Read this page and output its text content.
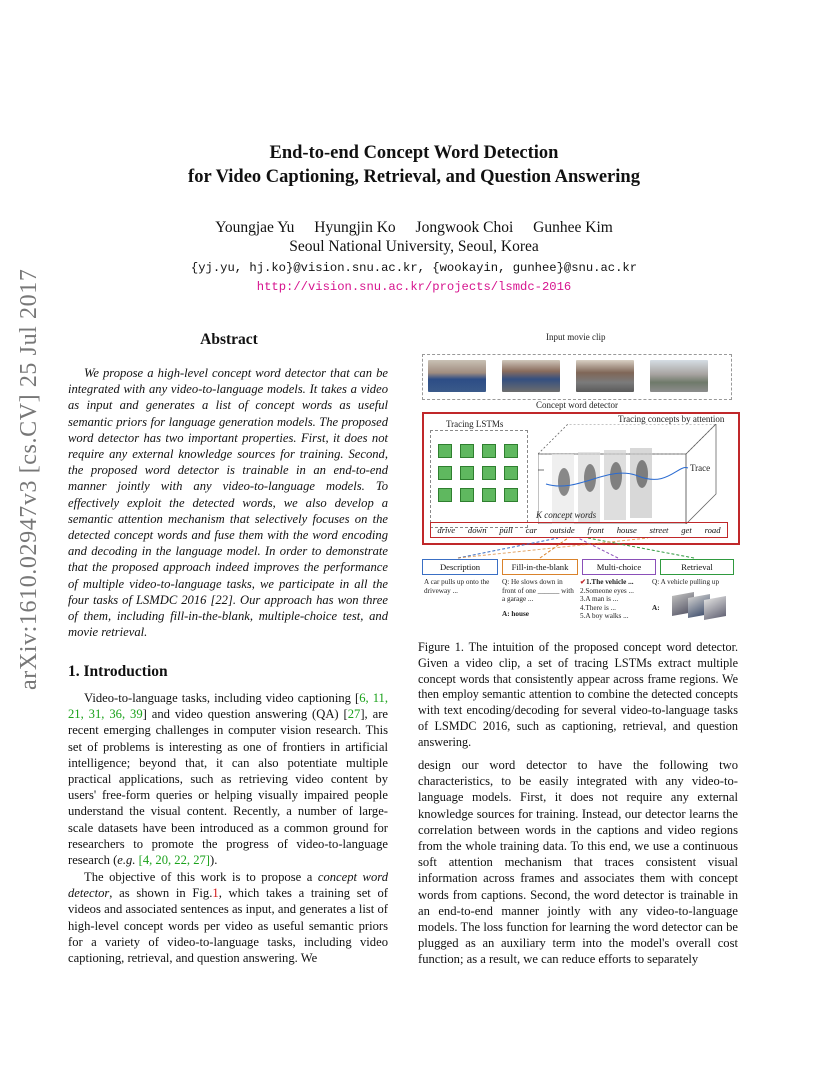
arXiv:1610.02947v3 [cs.CV] 25 Jul 2017
End-to-end Concept Word Detection
for Video Captioning, Retrieval, and Question Answering
Youngjae Yu Hyungjin Ko Jongwook Choi Gunhee Kim
Seoul National University, Seoul, Korea
{yj.yu, hj.ko}@vision.snu.ac.kr, {wookayin, gunhee}@snu.ac.kr
http://vision.snu.ac.kr/projects/lsmdc-2016
Abstract
We propose a high-level concept word detector that can be integrated with any video-to-language models. It takes a video as input and generates a list of concept words as useful semantic priors for language generation models. The proposed word detector has two important properties. First, it does not require any external knowledge sources for training. Second, the proposed word detector is trainable in an end-to-end manner jointly with any video-to-language models. To effectively exploit the detected words, we also develop a semantic attention mechanism that selectively focuses on the detected concept words and fuse them with the word encoding and decoding in the language model. In order to demonstrate that the proposed approach indeed improves the performance of multiple video-to-language tasks, we participate in all the four tasks of LSMDC 2016 [22]. Our approach has won three of them, including fill-in-the-blank, multiple-choice test, and movie retrieval.
1. Introduction
Video-to-language tasks, including video captioning [6, 11, 21, 31, 36, 39] and video question answering (QA) [27], are recent emerging challenges in computer vision research. This set of problems is interesting as one of frontiers in artificial intelligence; beyond that, it can also potentiate multiple practical applications, such as retrieving video content by users' free-form queries or helping visually impaired people understand the visual content. Recently, a number of large-scale datasets have been introduced as a common ground for researchers to promote the progress of video-to-language research (e.g. [4, 20, 22, 27]).
The objective of this work is to propose a concept word detector, as shown in Fig.1, which takes a training set of videos and associated sentences as input, and generates a list of high-level concept words per video as useful semantic priors for a variety of video-to-language tasks, including video captioning, retrieval, and question answering. We
Input movie clip
Concept word detector
Tracing concepts by attention
Tracing LSTMs
Trace
K concept words
drive down pull car outside front house street get road
Description	Fill-in-the-blank	Multi-choice	Retrieval
A car pulls up onto the driveway ...
Q: He slows down in front of one ______ with a garage ...
A: house
✔1.The vehicle ...
2.Someone eyes ...
3.A man is ...
4.There is ...
5.A boy walks ...
Q: A vehicle pulling up
A:
Figure 1. The intuition of the proposed concept word detector. Given a video clip, a set of tracing LSTMs extract multiple concept words that consistently appear across frame regions. We then employ semantic attention to combine the detected concepts with text encoding/decoding for several video-to-language tasks of LSMDC 2016, such as captioning, retrieval, and question answering.
design our word detector to have the following two characteristics, to be easily integrated with any video-to-language models. First, it does not require any external knowledge sources for training. Instead, our detector learns the correlation between words in the captions and video regions from the whole training data. To this end, we use a continuous soft attention mechanism that traces consistent visual information across frames and associates them with concept words from captions. Second, the word detector is trainable in an end-to-end manner jointly with any video-to-language models. The loss function for learning the word detector can be plugged as an auxiliary term into the model's overall cost function; as a result, we can reduce efforts to separately
